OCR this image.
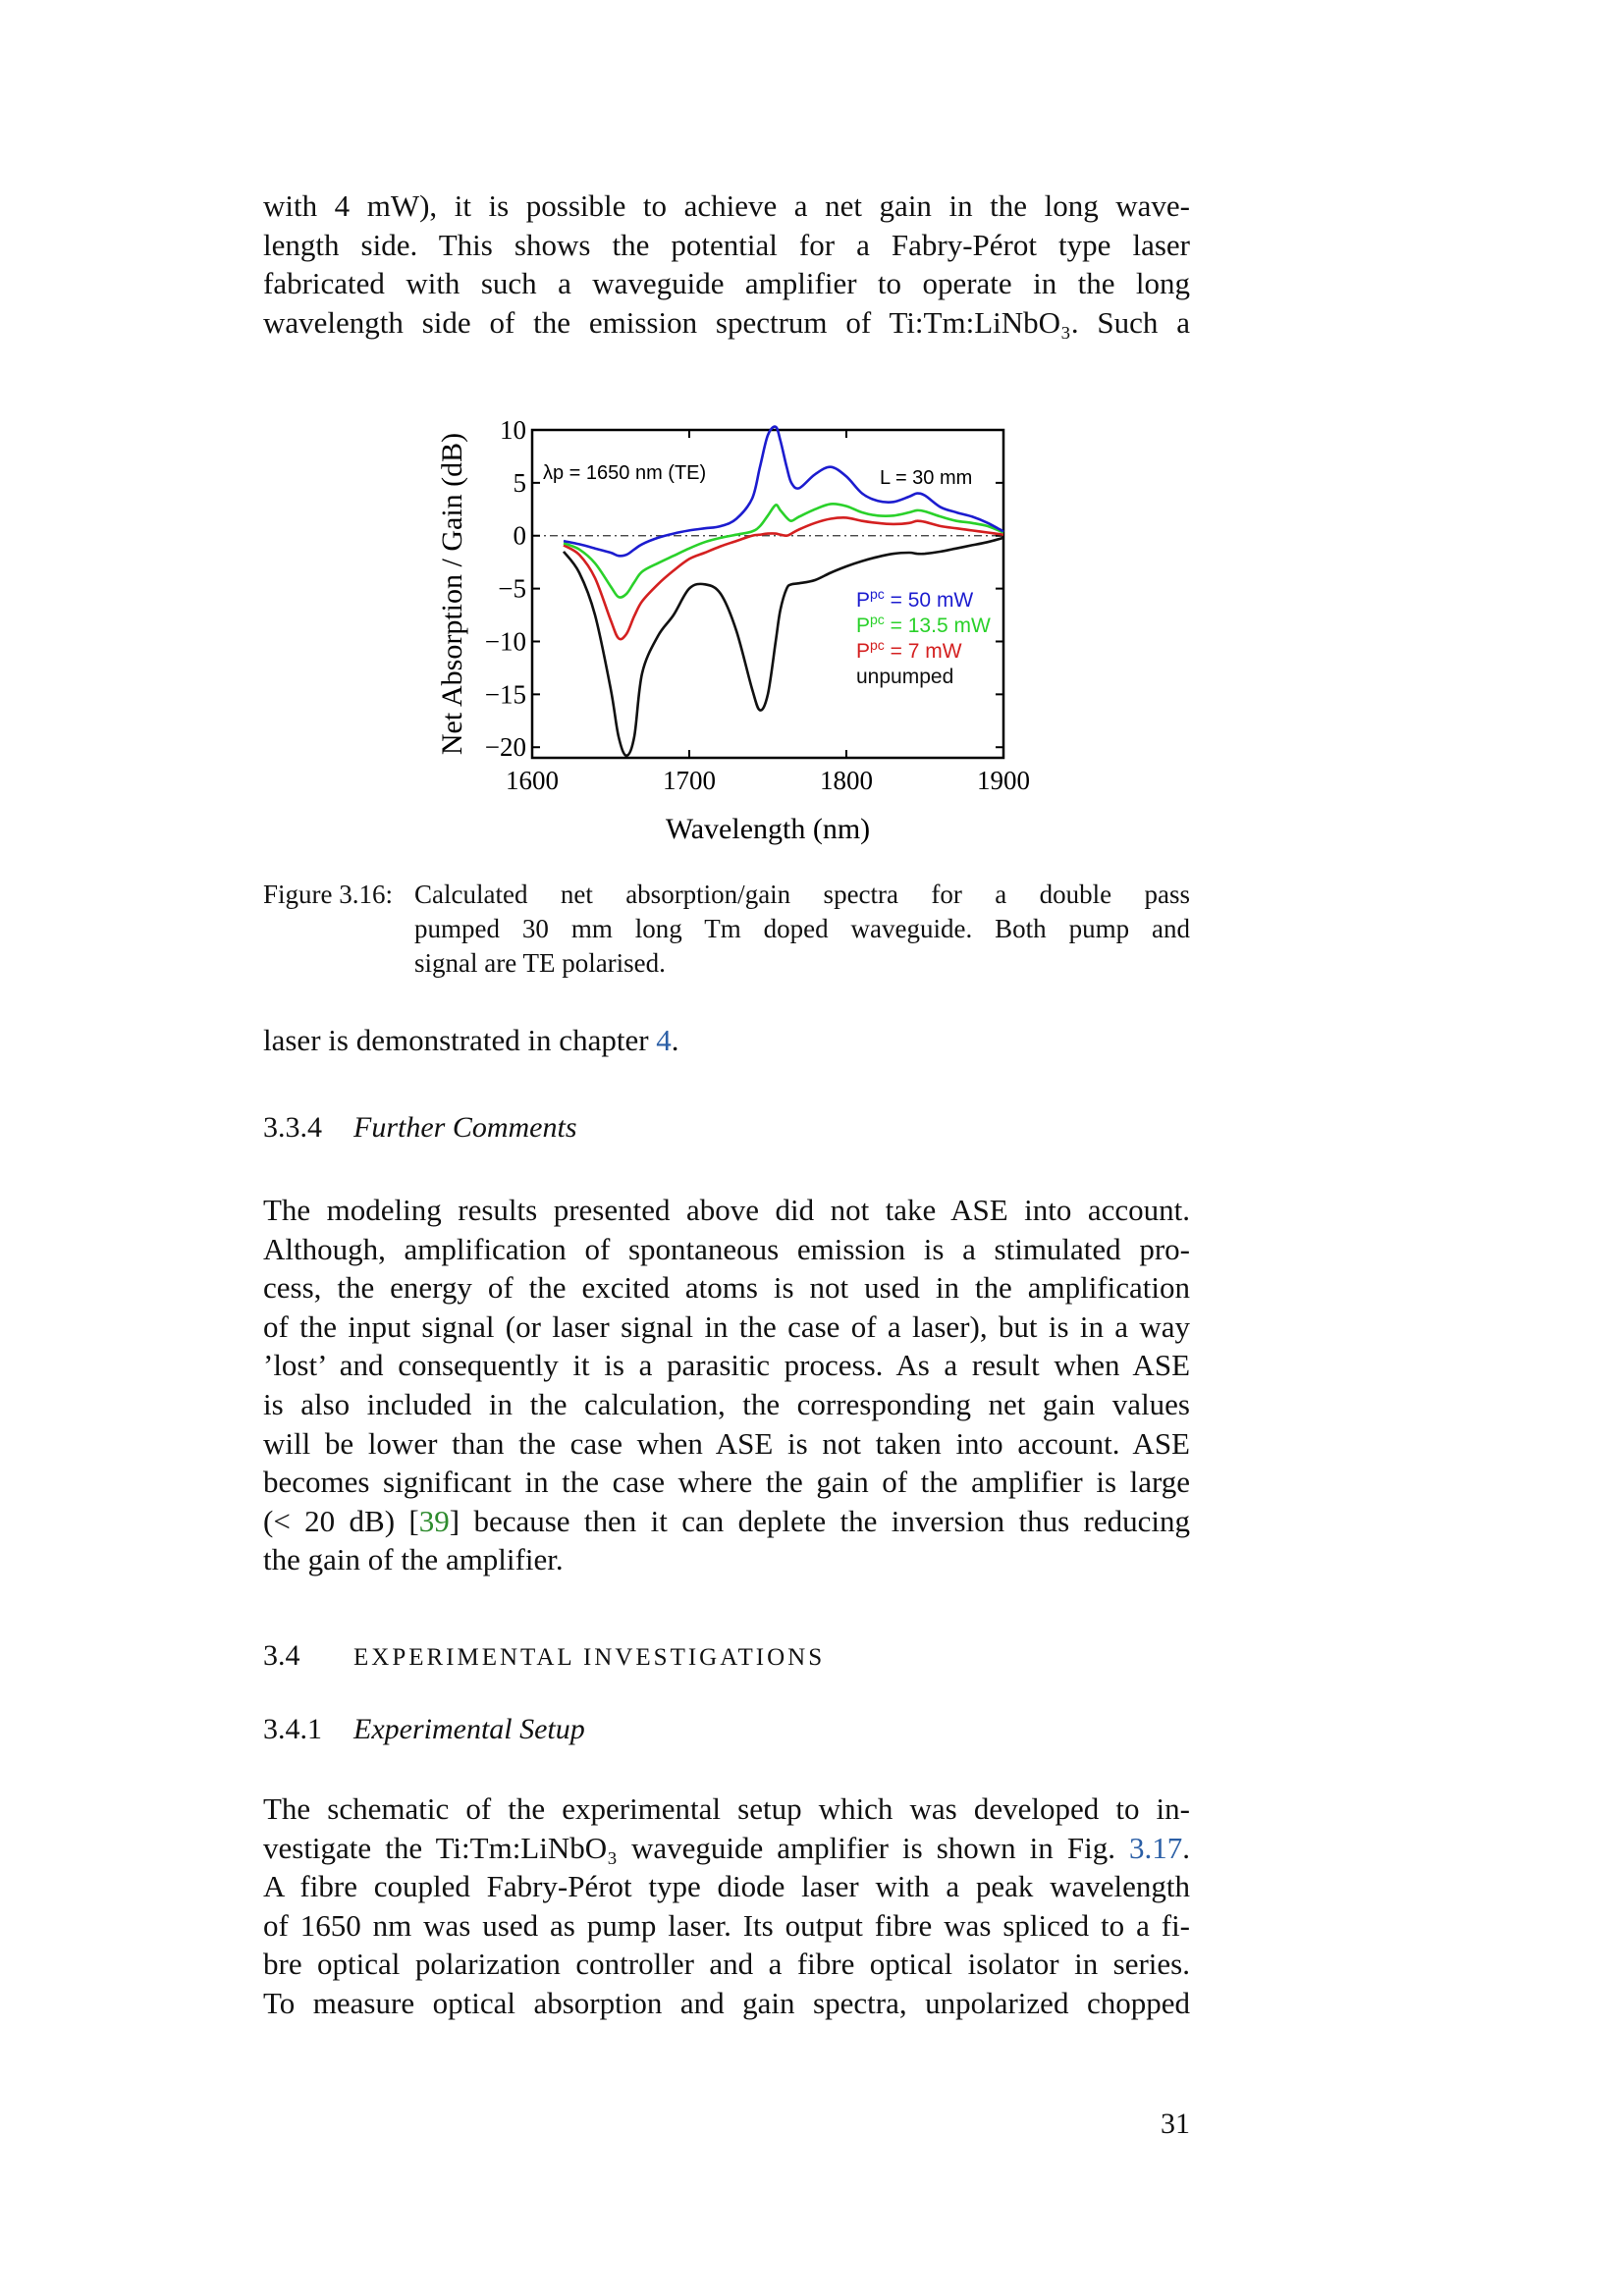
with 4 mW), it is possible to achieve a net gain in the long wave-
length side. This shows the potential for a Fabry-Pérot type laser
fabricated with such a waveguide amplifier to operate in the long
wavelength side of the emission spectrum of Ti:Tm:LiNbO₃. Such a
10
5
0
−5
−10
−15
−20
1600	1700	1800	1900
Wavelength (nm)
Net Absorption / Gain (dB)	λp = 1650 nm (TE)	L = 30 mm
$P^{pc} = 50$ mW
$P^{pc} = 13.5$ mW
$P^{pc} = 7$ mW
unpumped
Figure 3.16: Calculated net absorption/gain spectra for a double pass
pumped 30 mm long Tm doped waveguide. Both pump and
signal are TE polarised.
laser is demonstrated in chapter 4.
3.3.4 Further Comments
The modeling results presented above did not take ASE into account.
Although, amplification of spontaneous emission is a stimulated pro-
cess, the energy of the excited atoms is not used in the amplification
of the input signal (or laser signal in the case of a laser), but is in a way
’lost’ and consequently it is a parasitic process. As a result when ASE
is also included in the calculation, the corresponding net gain values
will be lower than the case when ASE is not taken into account. ASE
becomes significant in the case where the gain of the amplifier is large
(< 20 dB) [39] because then it can deplete the inversion thus reducing
the gain of the amplifier.
3.4 EXPERIMENTAL INVESTIGATIONS
3.4.1 Experimental Setup
The schematic of the experimental setup which was developed to in-
vestigate the Ti:Tm:LiNbO₃ waveguide amplifier is shown in Fig. 3.17.
A fibre coupled Fabry-Pérot type diode laser with a peak wavelength
of 1650 nm was used as pump laser. Its output fibre was spliced to a fi-
bre optical polarization controller and a fibre optical isolator in series.
To measure optical absorption and gain spectra, unpolarized chopped
31
